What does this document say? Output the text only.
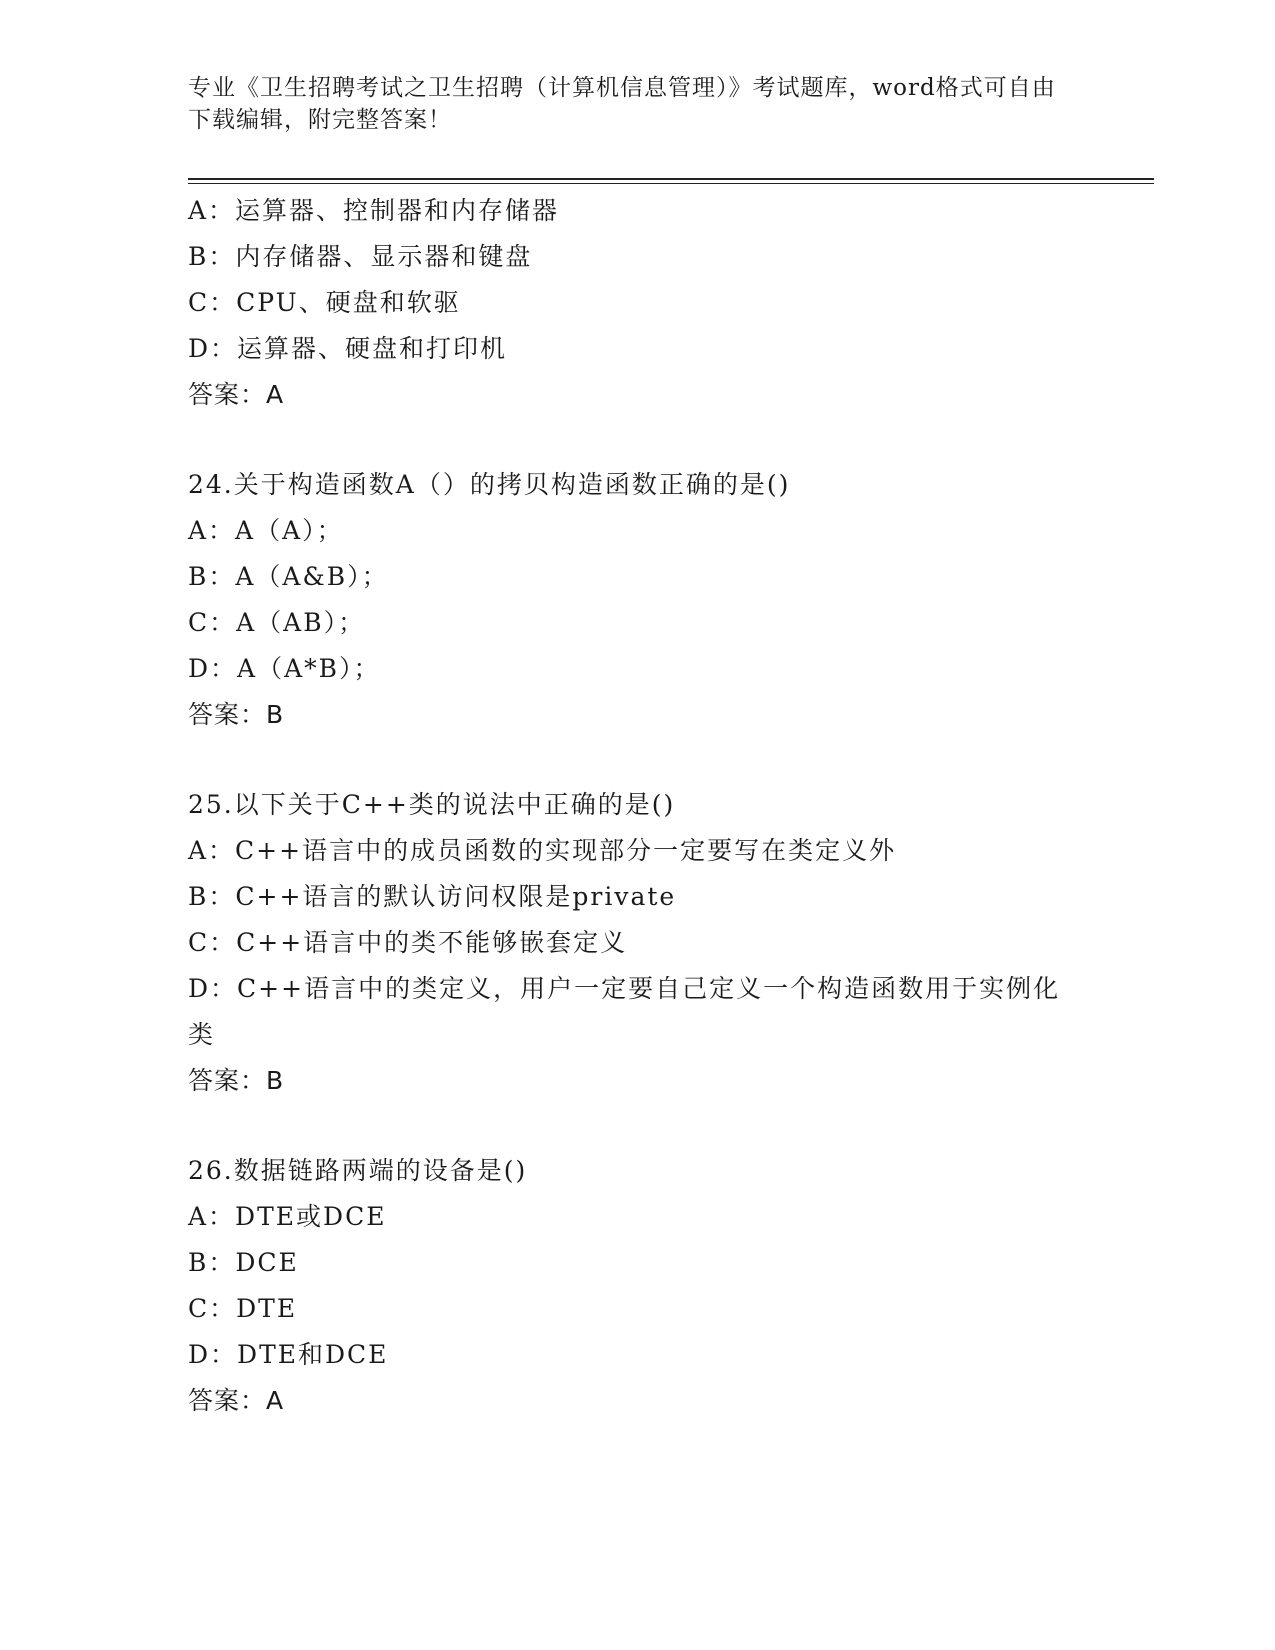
专业《卫生招聘考试之卫生招聘（计算机信息管理）》考试题库，word格式可自由下载编辑，附完整答案！
A：运算器、控制器和内存储器
B：内存储器、显示器和键盘
C：CPU、硬盘和软驱
D：运算器、硬盘和打印机
答案：A
24.关于构造函数A（）的拷贝构造函数正确的是()
A：A（A）；
B：A（A&B）；
C：A（AB）；
D：A（A*B）；
答案：B
25.以下关于C++类的说法中正确的是()
A：C++语言中的成员函数的实现部分一定要写在类定义外
B：C++语言的默认访问权限是private
C：C++语言中的类不能够嵌套定义
D：C++语言中的类定义，用户一定要自己定义一个构造函数用于实例化类
答案：B
26.数据链路两端的设备是()
A：DTE或DCE
B：DCE
C：DTE
D：DTE和DCE
答案：A
